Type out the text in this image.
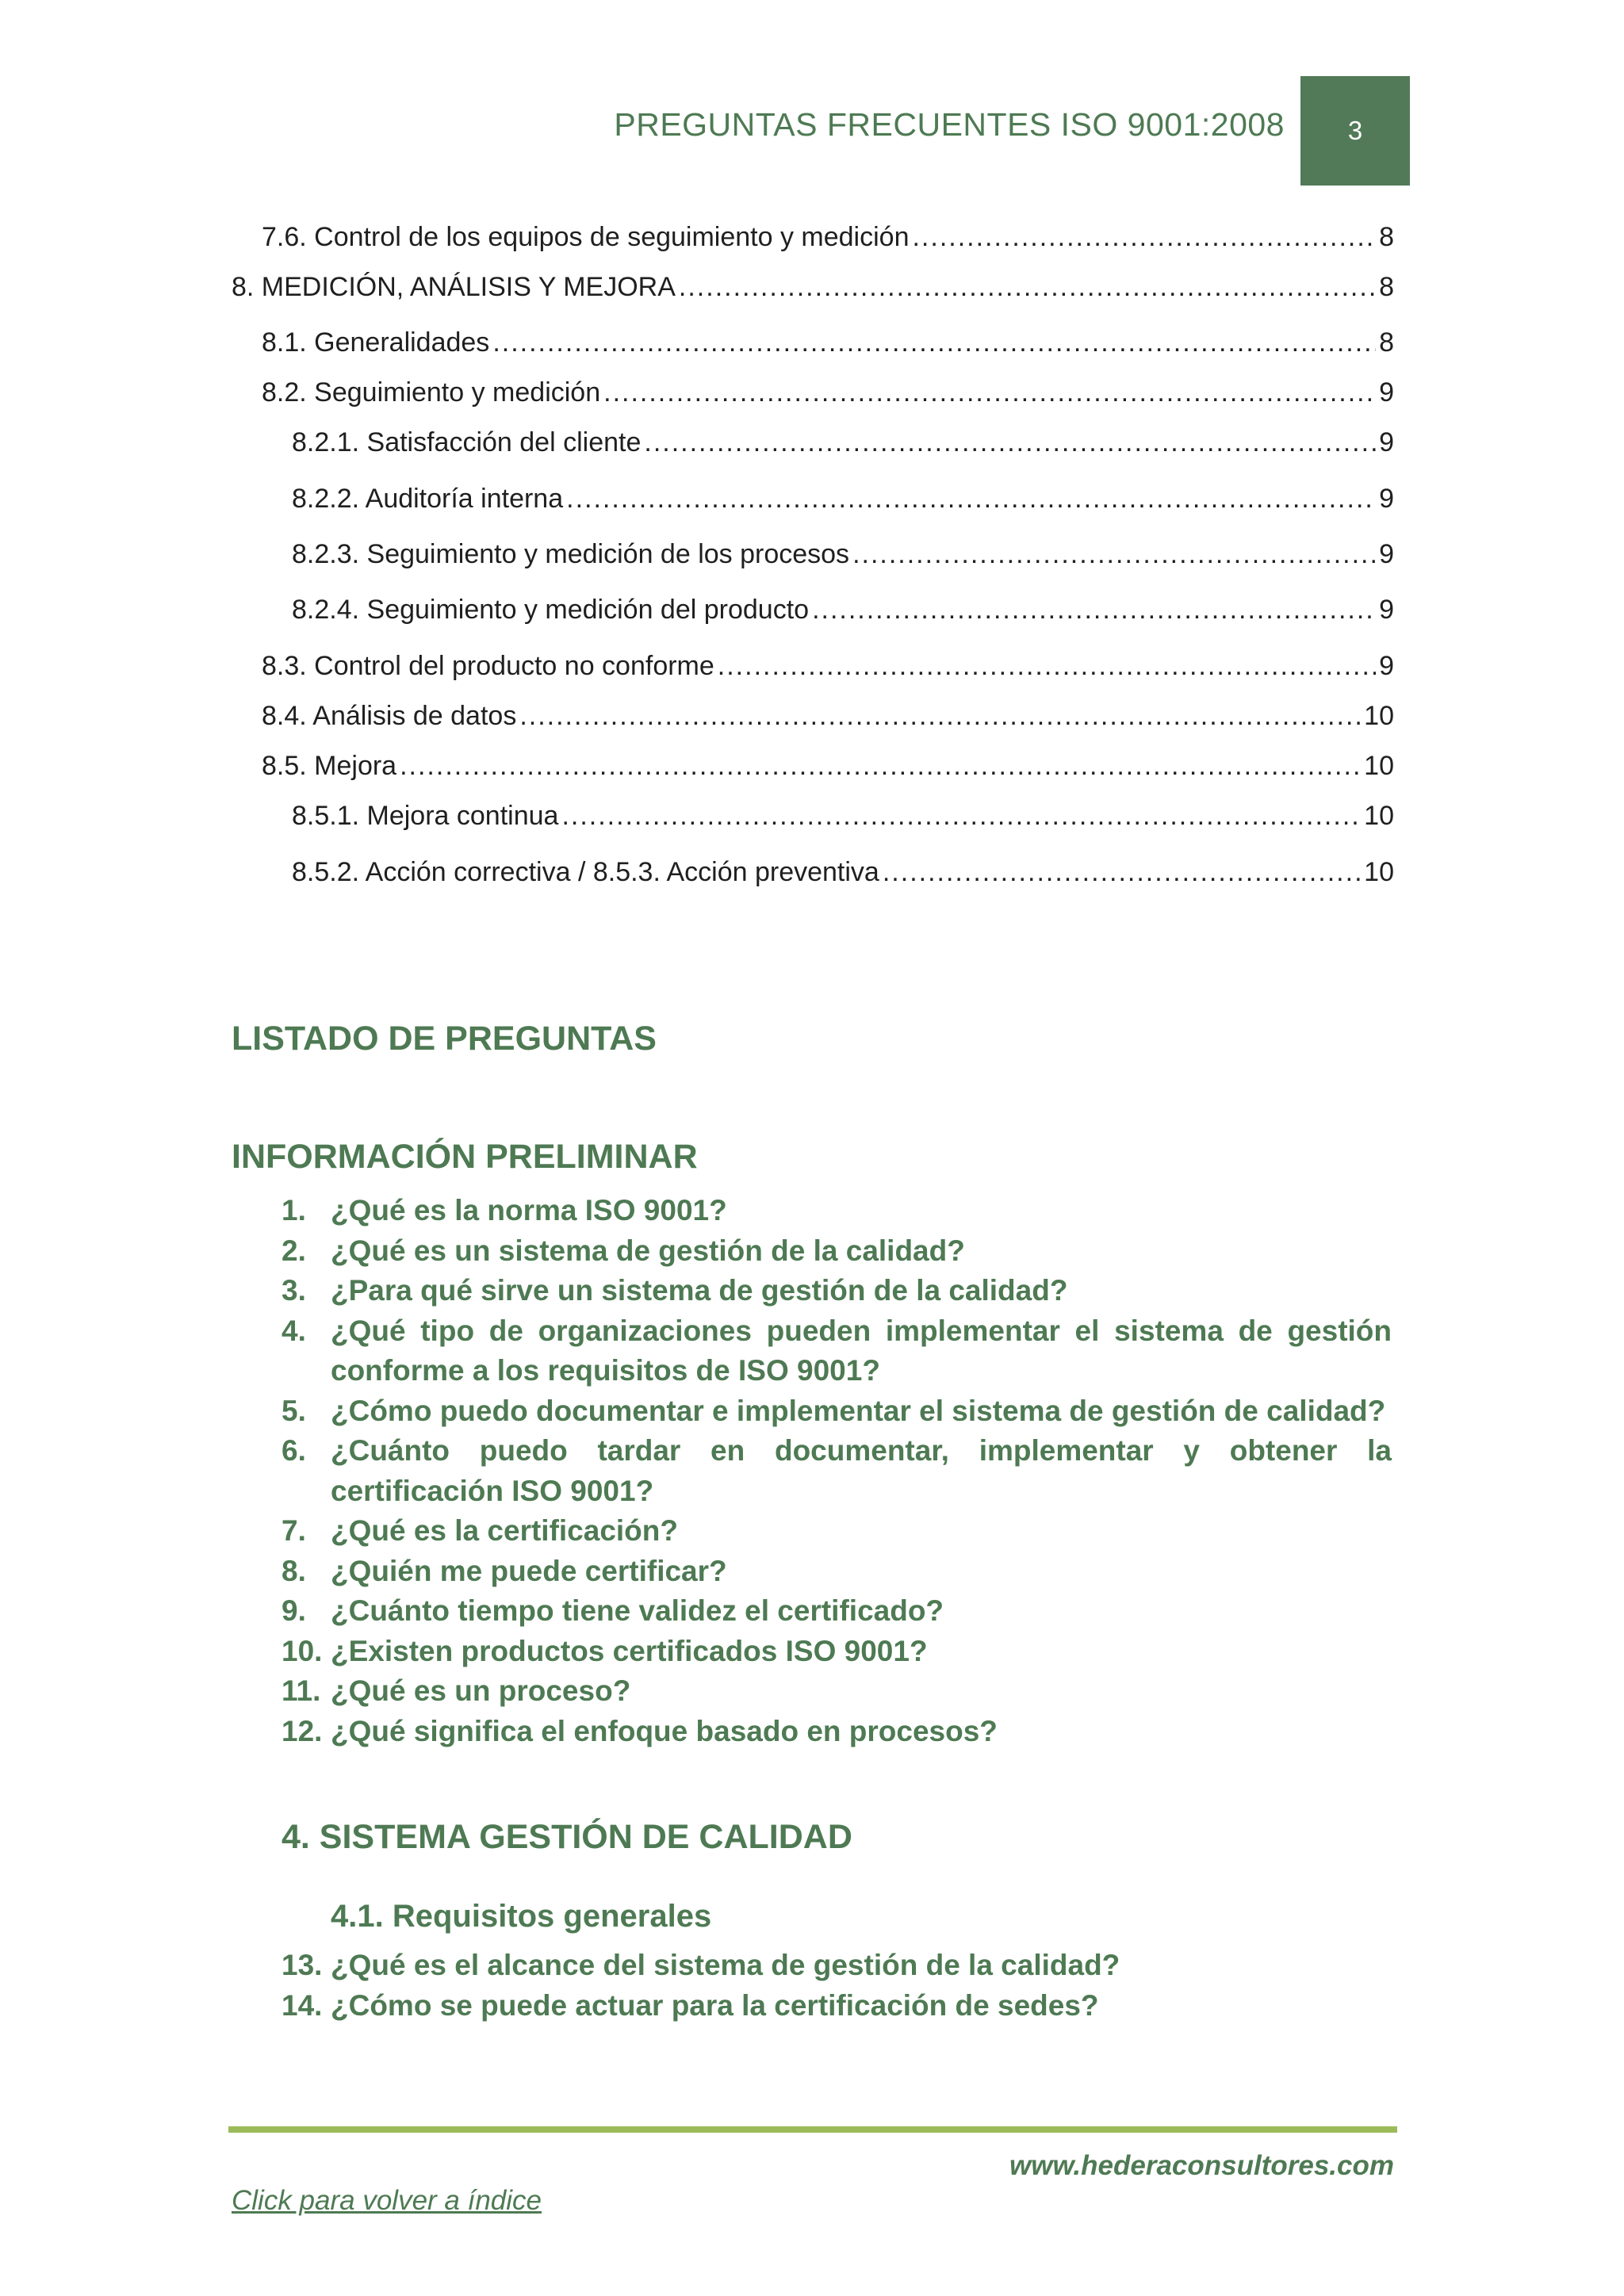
PREGUNTAS FRECUENTES ISO 9001:2008 3
7.6. Control de los equipos de seguimiento y medición .....	8
8. MEDICIÓN, ANÁLISIS Y MEJORA .....	8
8.1. Generalidades .....	8
8.2. Seguimiento y medición .....	9
8.2.1. Satisfacción del cliente .....	9
8.2.2. Auditoría interna .....	9
8.2.3. Seguimiento y medición de los procesos .....	9
8.2.4. Seguimiento y medición del producto .....	9
8.3. Control del producto no conforme .....	9
8.4. Análisis de datos .....	10
8.5. Mejora .....	10
8.5.1. Mejora continua .....	10
8.5.2. Acción correctiva / 8.5.3. Acción preventiva .....	10
LISTADO DE PREGUNTAS
INFORMACIÓN PRELIMINAR
1. ¿Qué es la norma ISO 9001?
2. ¿Qué es un sistema de gestión de la calidad?
3. ¿Para qué sirve un sistema de gestión de la calidad?
4. ¿Qué tipo de organizaciones pueden implementar el sistema de gestión conforme a los requisitos de ISO 9001?
5. ¿Cómo puedo documentar e implementar el sistema de gestión de calidad?
6. ¿Cuánto puedo tardar en documentar, implementar y obtener la certificación ISO 9001?
7. ¿Qué es la certificación?
8. ¿Quién me puede certificar?
9. ¿Cuánto tiempo tiene validez el certificado?
10. ¿Existen productos certificados ISO 9001?
11. ¿Qué es un proceso?
12. ¿Qué significa el enfoque basado en procesos?
4. SISTEMA GESTIÓN DE CALIDAD
4.1. Requisitos generales
13. ¿Qué es el alcance del sistema de gestión de la calidad?
14. ¿Cómo se puede actuar para la certificación de sedes?
www.hederaconsultores.com
Click para volver a índice
